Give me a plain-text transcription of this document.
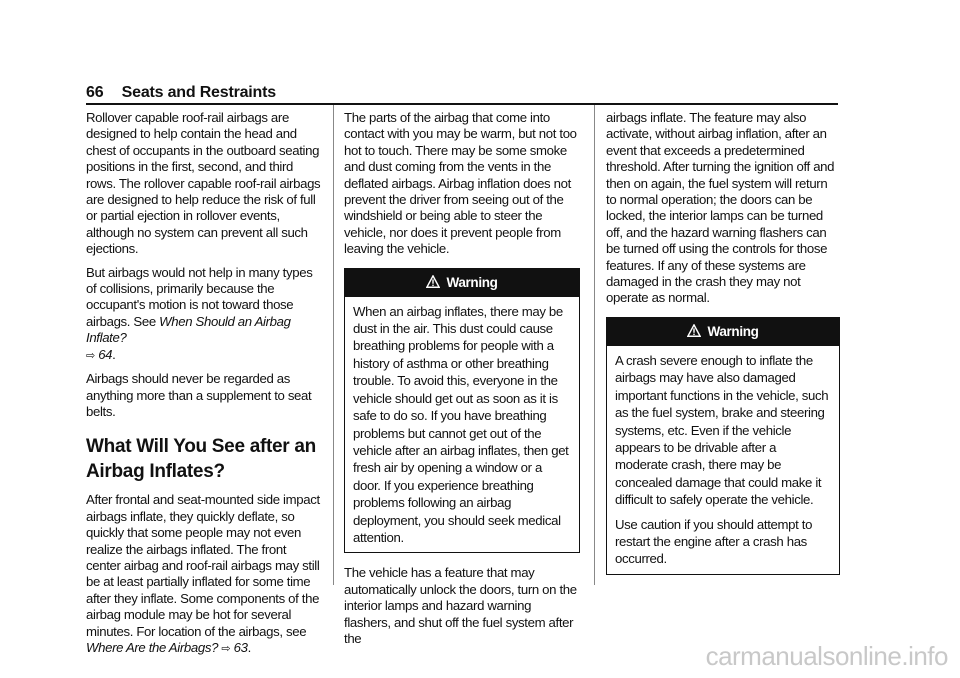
66 Seats and Restraints

Rollover capable roof-rail airbags are designed to help contain the head and chest of occupants in the outboard seating positions in the first, second, and third rows. The rollover capable roof-rail airbags are designed to help reduce the risk of full or partial ejection in rollover events, although no system can prevent all such ejections.

But airbags would not help in many types of collisions, primarily because the occupant's motion is not toward those airbags. See When Should an Airbag Inflate?
⇨ 64.

Airbags should never be regarded as anything more than a supplement to seat belts.

What Will You See after an Airbag Inflates?

After frontal and seat-mounted side impact airbags inflate, they quickly deflate, so quickly that some people may not even realize the airbags inflated. The front center airbag and roof-rail airbags may still be at least partially inflated for some time after they inflate. Some components of the airbag module may be hot for several minutes. For location of the airbags, see Where Are the Airbags? ⇨ 63.

The parts of the airbag that come into contact with you may be warm, but not too hot to touch. There may be some smoke and dust coming from the vents in the deflated airbags. Airbag inflation does not prevent the driver from seeing out of the windshield or being able to steer the vehicle, nor does it prevent people from leaving the vehicle.

Warning

When an airbag inflates, there may be dust in the air. This dust could cause breathing problems for people with a history of asthma or other breathing trouble. To avoid this, everyone in the vehicle should get out as soon as it is safe to do so. If you have breathing problems but cannot get out of the vehicle after an airbag inflates, then get fresh air by opening a window or a door. If you experience breathing problems following an airbag deployment, you should seek medical attention.

The vehicle has a feature that may automatically unlock the doors, turn on the interior lamps and hazard warning flashers, and shut off the fuel system after the

airbags inflate. The feature may also activate, without airbag inflation, after an event that exceeds a predetermined threshold. After turning the ignition off and then on again, the fuel system will return to normal operation; the doors can be locked, the interior lamps can be turned off, and the hazard warning flashers can be turned off using the controls for those features. If any of these systems are damaged in the crash they may not operate as normal.

Warning

A crash severe enough to inflate the airbags may have also damaged important functions in the vehicle, such as the fuel system, brake and steering systems, etc. Even if the vehicle appears to be drivable after a moderate crash, there may be concealed damage that could make it difficult to safely operate the vehicle.

Use caution if you should attempt to restart the engine after a crash has occurred.

carmanualsonline.info
